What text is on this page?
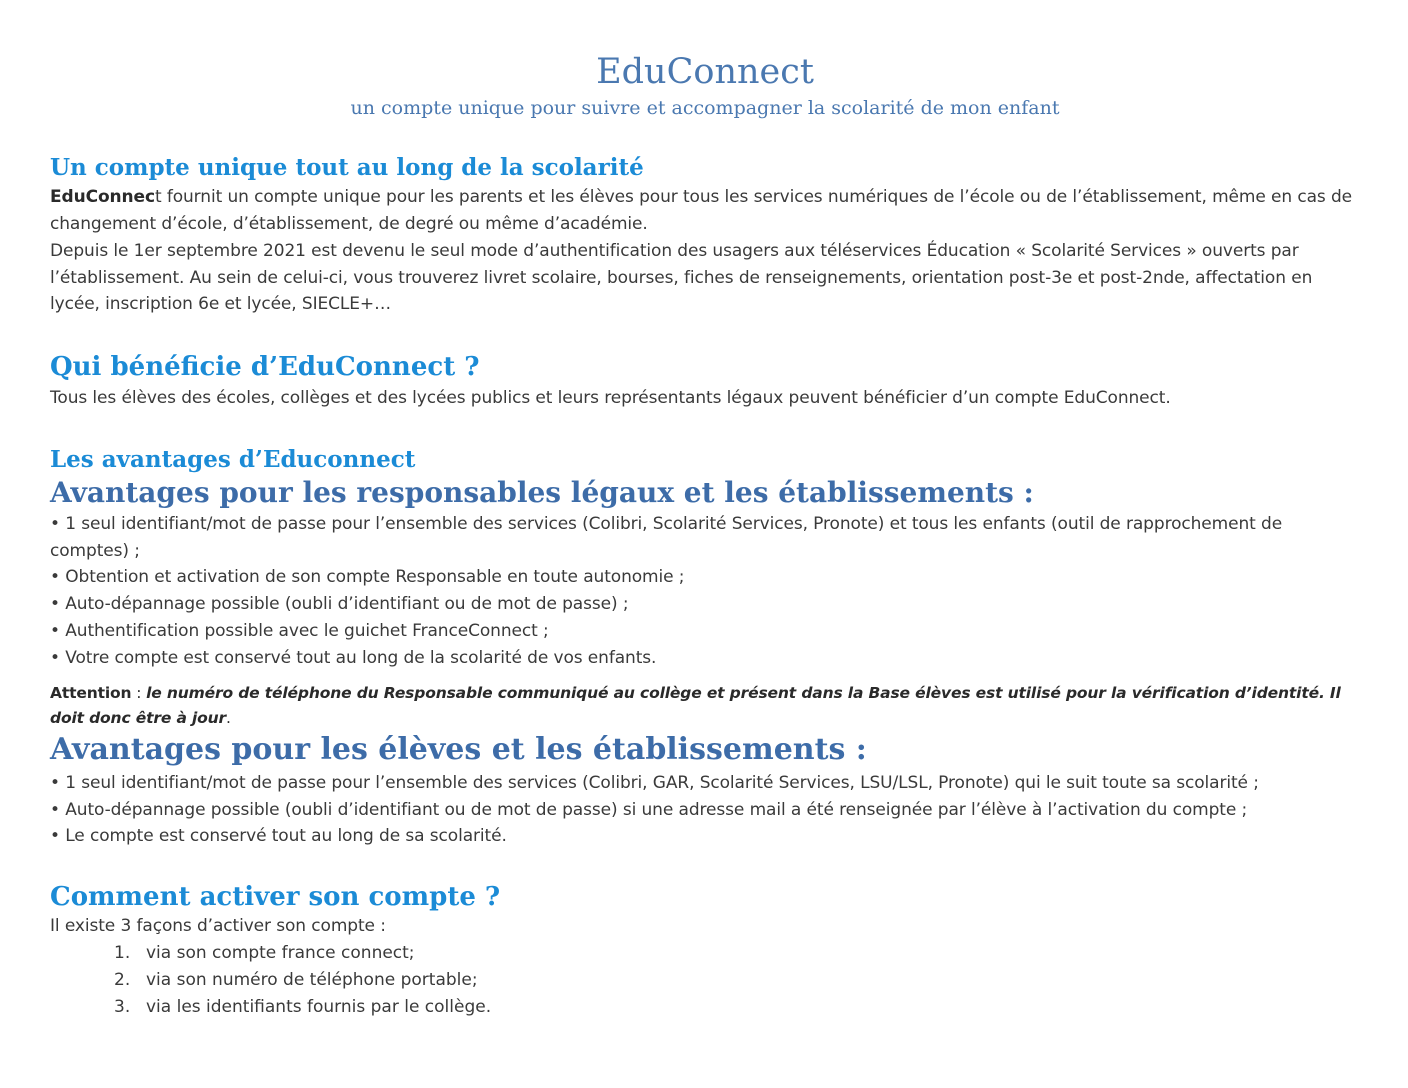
EduConnect
un compte unique pour suivre et accompagner la scolarité de mon enfant
Un compte unique tout au long de la scolarité
EduConnect fournit un compte unique pour les parents et les élèves pour tous les services numériques de l’école ou de l’établissement, même en cas de changement d’école, d’établissement, de degré ou même d’académie.
Depuis le 1er septembre 2021 est devenu le seul mode d’authentification des usagers aux téléservices Éducation « Scolarité Services » ouverts par l’établissement. Au sein de celui-ci, vous trouverez livret scolaire, bourses, fiches de renseignements, orientation post-3e et post-2nde, affectation en lycée, inscription 6e et lycée, SIECLE+…
Qui bénéficie d’EduConnect ?
Tous les élèves des écoles, collèges et des lycées publics et leurs représentants légaux peuvent bénéficier d’un compte EduConnect.
Les avantages d’Educonnect
Avantages pour les responsables légaux et les établissements :
• 1 seul identifiant/mot de passe pour l’ensemble des services (Colibri, Scolarité Services, Pronote) et tous les enfants (outil de rapprochement de comptes) ;
• Obtention et activation de son compte Responsable en toute autonomie ;
• Auto-dépannage possible (oubli d’identifiant ou de mot de passe) ;
• Authentification possible avec le guichet FranceConnect ;
• Votre compte est conservé tout au long de la scolarité de vos enfants.
Attention : le numéro de téléphone du Responsable communiqué au collège et présent dans la Base élèves est utilisé pour la vérification d’identité. Il doit donc être à jour.
Avantages pour les élèves et les établissements :
• 1 seul identifiant/mot de passe pour l’ensemble des services (Colibri, GAR, Scolarité Services, LSU/LSL, Pronote) qui le suit toute sa scolarité ;
• Auto-dépannage possible (oubli d’identifiant ou de mot de passe) si une adresse mail a été renseignée par l’élève à l’activation du compte ;
• Le compte est conservé tout au long de sa scolarité.
Comment activer son compte ?
Il existe 3 façons d’activer son compte :
1. via son compte france connect;
2. via son numéro de téléphone portable;
3. via les identifiants fournis par le collège.
